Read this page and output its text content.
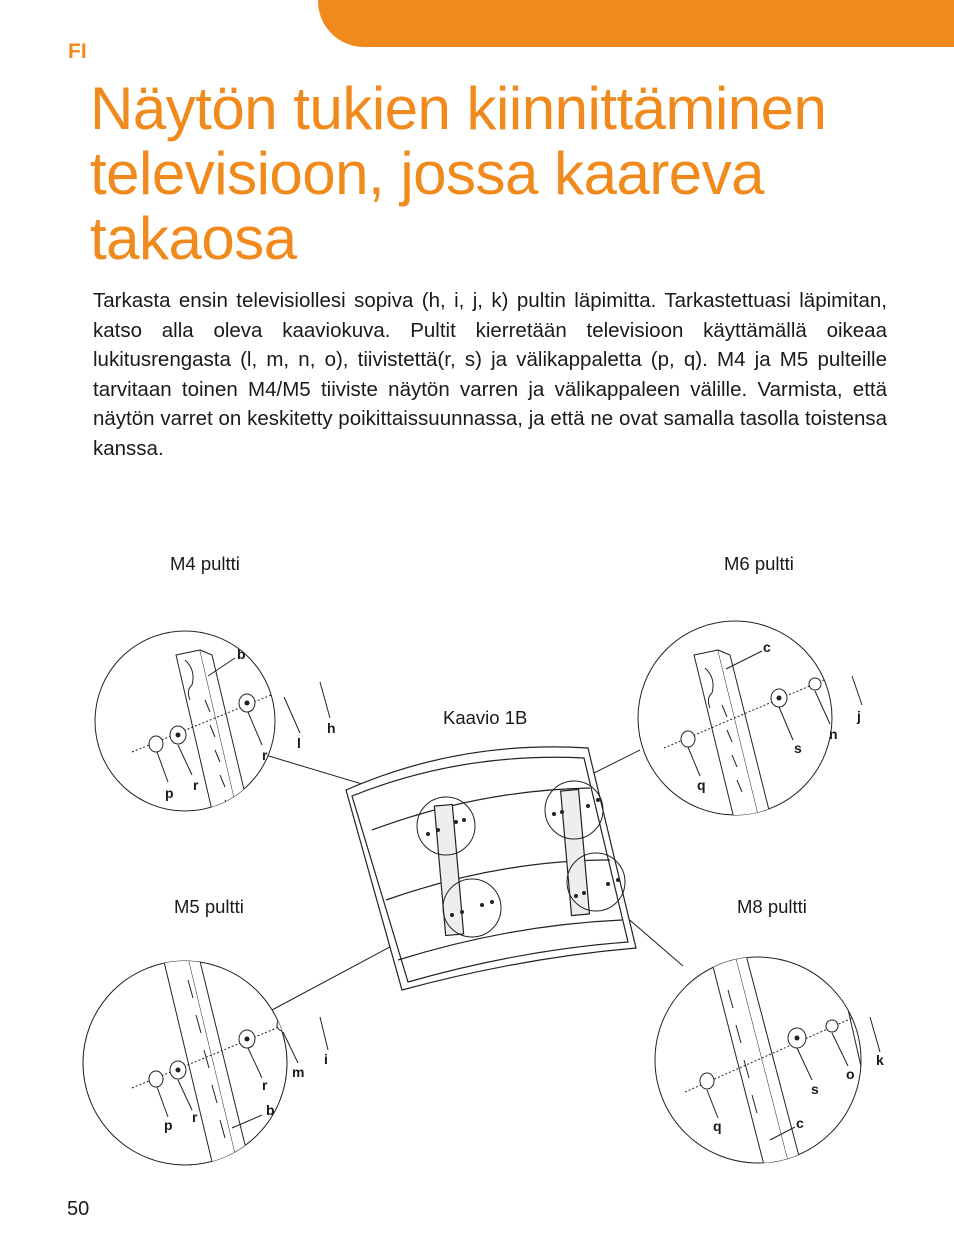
FI
Näytön tukien kiinnittäminen
televisioon, jossa kaareva
takaosa

Tarkasta ensin televisiollesi sopiva (h, i, j, k) pultin läpimitta. Tarkastettuasi läpimitan, katso alla oleva kaaviokuva. Pultit kierretään televisioon käyttämällä oikeaa lukitusrengasta (l, m, n, o), tiivistettä(r, s) ja välikappaletta (p, q). M4 ja M5 pulteille tarvitaan toinen M4/M5 tiiviste näytön varren ja välikappaleen välille. Varmista, että näytön varret on keskitetty poikittaissuunnassa, ja että ne ovat samalla tasolla toistensa kanssa.

M4 pultti	M6 pultti
M5 pultti	M8 pultti
Kaavio 1B
b
r
l
h
p r
c
j
n
s
q
m
i
r
p r	b
k
o
s
q	c
50
